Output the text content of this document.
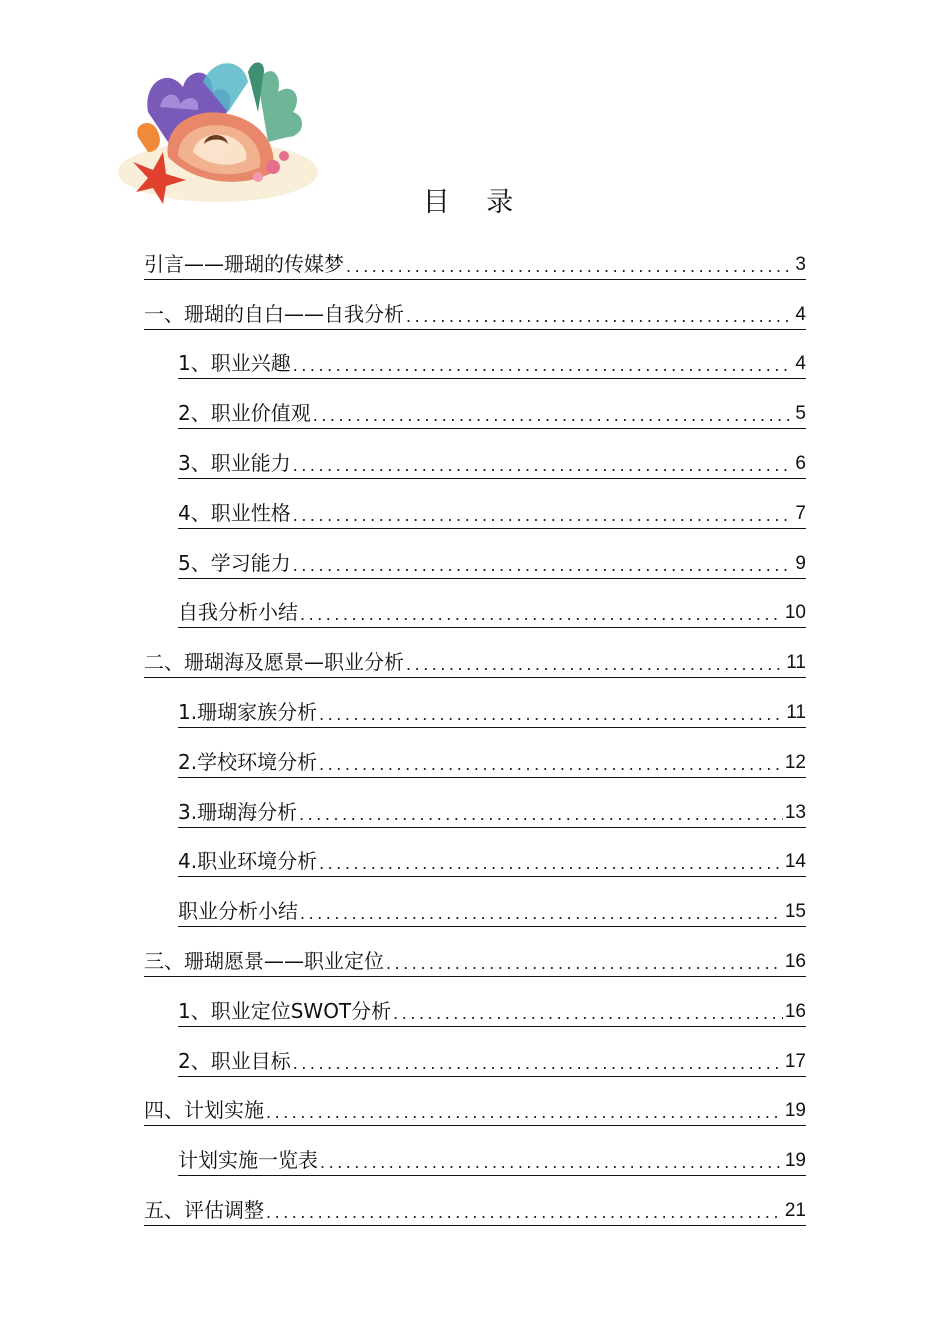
目 录
引言——珊瑚的传媒梦 .....	3
一、珊瑚的自白——自我分析 .....	4
1、职业兴趣 .....	4
2、职业价值观 .....	5
3、职业能力 .....	6
4、职业性格 .....	7
5、学习能力 .....	9
自我分析小结 .....	10
二、珊瑚海及愿景—职业分析 .....	11
1.珊瑚家族分析 .....	11
2.学校环境分析 .....	12
3.珊瑚海分析 .....	13
4.职业环境分析 .....	14
职业分析小结 .....	15
三、珊瑚愿景——职业定位 .....	16
1、职业定位SWOT分析 .....	16
2、职业目标 .....	17
四、计划实施 .....	19
计划实施一览表 .....	19
五、评估调整 .....	21
